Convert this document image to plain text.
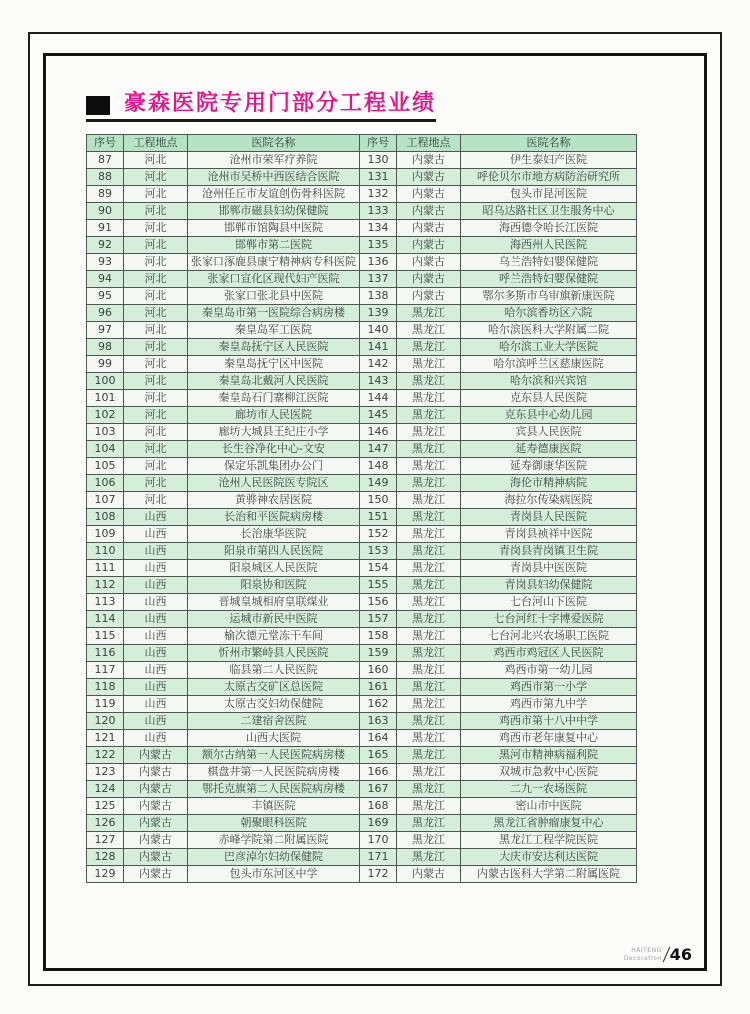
豪森医院专用门部分工程业绩
序号	工程地点	医院名称	序号	工程地点	医院名称
87	河北	沧州市荣军疗养院	130	内蒙古	伊生泰妇产医院
88	河北	沧州市吴桥中西医结合医院	131	内蒙古	呼伦贝尔市地方病防治研究所
89	河北	沧州任丘市友谊创伤骨科医院	132	内蒙古	包头市昆河医院
90	河北	邯郸市磁县妇幼保健院	133	内蒙古	昭乌达路社区卫生服务中心
91	河北	邯郸市馆陶县中医院	134	内蒙古	海西德令哈长江医院
92	河北	邯郸市第二医院	135	内蒙古	海西州人民医院
93	河北	张家口涿鹿县康宁精神病专科医院	136	内蒙古	乌兰浩特妇婴保健院
94	河北	张家口宣化区现代妇产医院	137	内蒙古	呼兰浩特妇婴保健院
95	河北	张家口张北县中医院	138	内蒙古	鄂尔多斯市乌审旗新康医院
96	河北	秦皇岛市第一医院综合病房楼	139	黑龙江	哈尔滨香坊区六院
97	河北	秦皇岛军工医院	140	黑龙江	哈尔滨医科大学附属二院
98	河北	秦皇岛抚宁区人民医院	141	黑龙江	哈尔滨工业大学医院
99	河北	秦皇岛抚宁区中医院	142	黑龙江	哈尔滨呼兰区慈康医院
100	河北	秦皇岛北戴河人民医院	143	黑龙江	哈尔滨和兴宾馆
101	河北	秦皇岛石门寨柳江医院	144	黑龙江	克东县人民医院
102	河北	廊坊市人民医院	145	黑龙江	克东县中心幼儿园
103	河北	廊坊大城县王纪庄小学	146	黑龙江	宾县人民医院
104	河北	长生谷净化中心-文安	147	黑龙江	延寿德康医院
105	河北	保定乐凯集团办公门	148	黑龙江	延寿御康华医院
106	河北	沧州人民医院医专院区	149	黑龙江	海伦市精神病院
107	河北	黄骅神农居医院	150	黑龙江	海拉尔传染病医院
108	山西	长治和平医院病房楼	151	黑龙江	青岗县人民医院
109	山西	长治康华医院	152	黑龙江	青岗县祯祥中医院
110	山西	阳泉市第四人民医院	153	黑龙江	青岗县青岗镇卫生院
111	山西	阳泉城区人民医院	154	黑龙江	青岗县中医医院
112	山西	阳泉协和医院	155	黑龙江	青岗县妇幼保健院
113	山西	晋城皇城相府皇联煤业	156	黑龙江	七台河山下医院
114	山西	运城市新民中医院	157	黑龙江	七台河红十字博爱医院
115	山西	榆次德元堂冻干车间	158	黑龙江	七台河北兴农场职工医院
116	山西	忻州市繁峙县人民医院	159	黑龙江	鸡西市鸡冠区人民医院
117	山西	临县第二人民医院	160	黑龙江	鸡西市第一幼儿园
118	山西	太原古交矿区总医院	161	黑龙江	鸡西市第一小学
119	山西	太原古交妇幼保健院	162	黑龙江	鸡西市第九中学
120	山西	二建宿舍医院	163	黑龙江	鸡西市第十八中中学
121	山西	山西大医院	164	黑龙江	鸡西市老年康复中心
122	内蒙古	额尔古纳第一人民医院病房楼	165	黑龙江	黑河市精神病福利院
123	内蒙古	棋盘井第一人民医院病房楼	166	黑龙江	双城市急救中心医院
124	内蒙古	鄂托克旗第二人民医院病房楼	167	黑龙江	二九一农场医院
125	内蒙古	丰镇医院	168	黑龙江	密山市中医院
126	内蒙古	朝聚眼科医院	169	黑龙江	黑龙江省肿瘤康复中心
127	内蒙古	赤峰学院第二附属医院	170	黑龙江	黑龙江工程学院医院
128	内蒙古	巴彦淖尔妇幼保健院	171	黑龙江	大庆市安达利达医院
129	内蒙古	包头市东河区中学	172	内蒙古	内蒙古医科大学第二附属医院
HAITENG
Decoration 46
